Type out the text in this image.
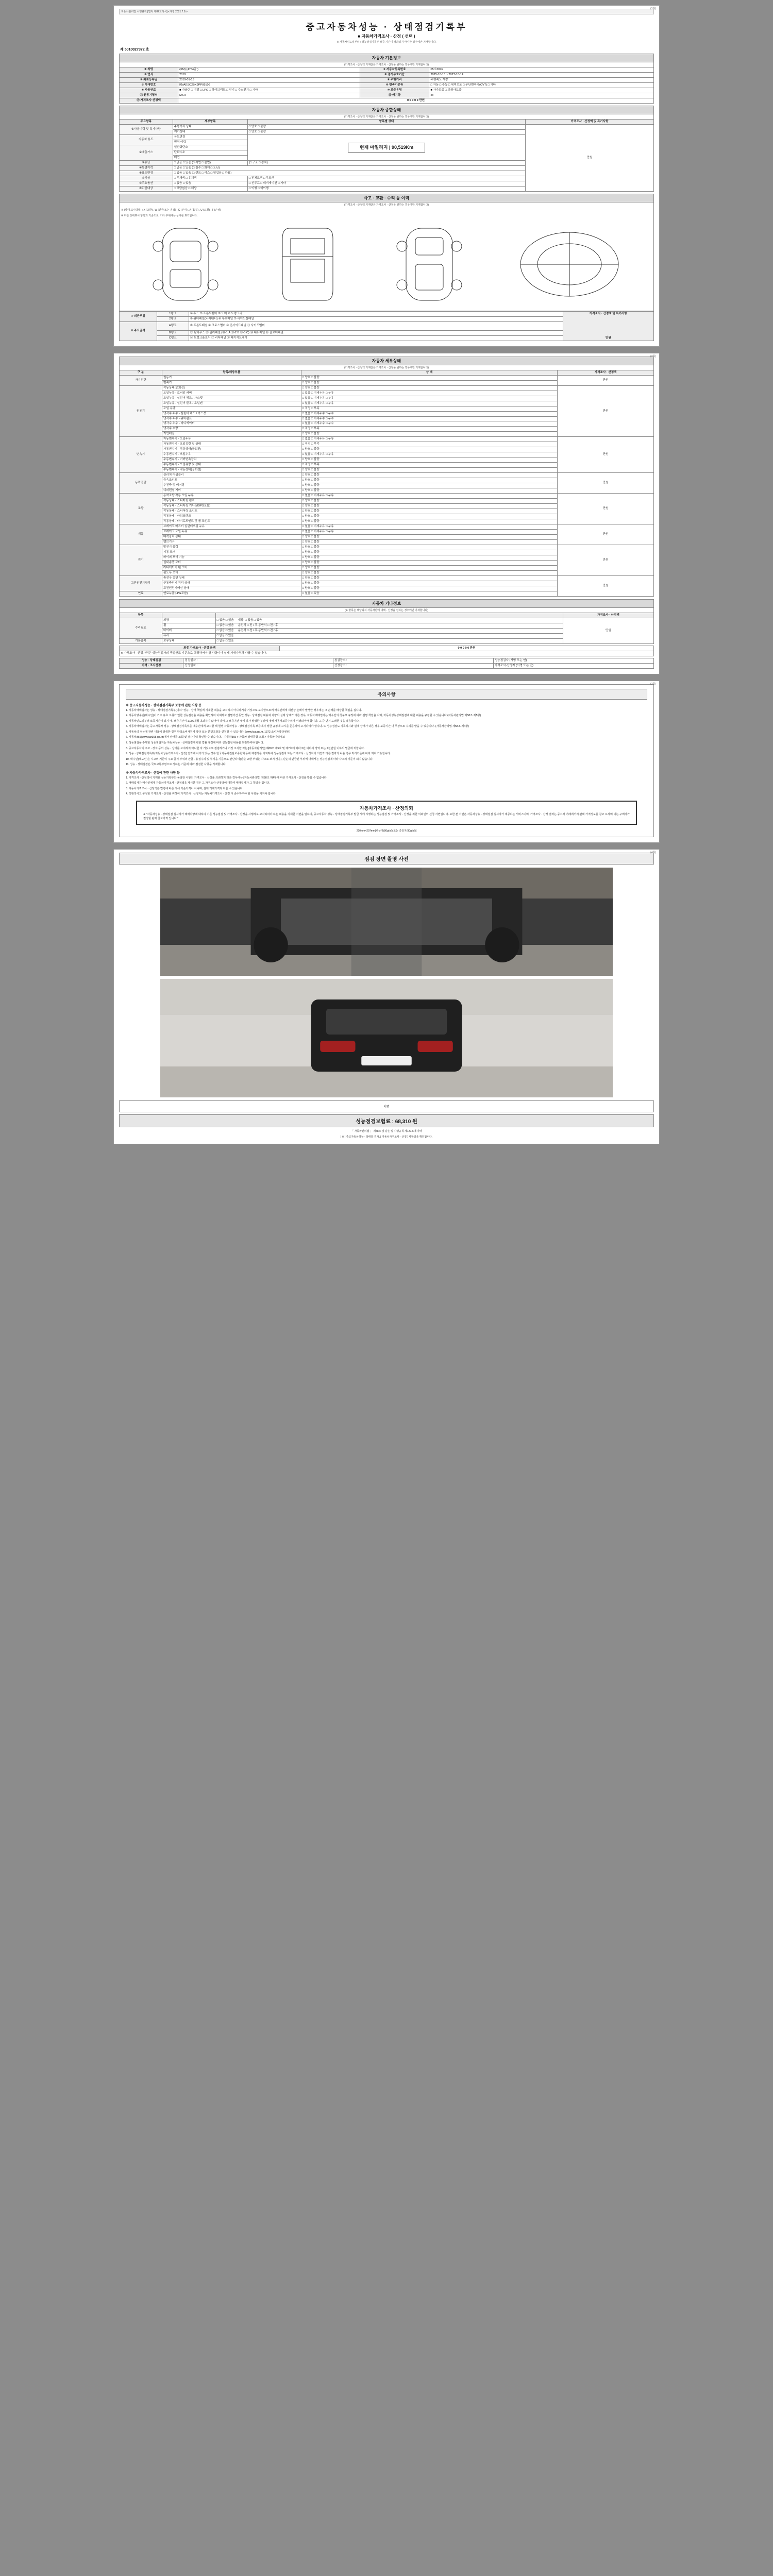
(1쪽)
자동차관리법 시행규칙 [별지 제82호서식] <개정 2021.7.8.>
중고자동차성능 · 상태점검기록부
■ 자동차가격조사 · 산정 ( 선택 )
※ 자동차인도일부터 : 성능점검기록부 보증 기간이 경과되지 아니한 경우에만 기재합니다.
제 5010027372 호
자동차 기본정보
(가격조사 · 산정액 기재란은 가격조사 · 산정을 원하는 경우에만 기재합니다)
① 차명	(XM) (4754급 )	② 자동차등록번호	05소307R
③ 연식	2019	④ 검사유효기간	2025-10-15 ~ 2027-10-14
⑤ 최초등록일	2019-01-15	⑥ 주행거리	주행속도 계량
⑦ 차대번호	KNAESC2BX9PP09106	⑧ 변속기종류	□ 자동 □ 수동 □ 세미오토 □ 무단변속기(CVT) □ 기타
⑨ 사용연료	■ 가솔린 □ 디젤 □ LPG □ 하이브리드 □ 전기 □ 수소전기 □ 기타	⑩ 보증유형	■ 자가보증 □ 보험사보증
⑪ 원동기형식	MSR	⑫ 배기량	cc
⑬ 가격조사·산정액	0 0 0 0 0 만원		
자동차 종합상태
(가격조사 · 산정액 기재란은 가격조사 · 산정을 원하는 경우에만 기재합니다)
주요항목	세부항목	항목별 상태	가격조사 · 산정액 및 특기사항
①사용이력 및 특기사항	주행거리 상태	□ 양호 □ 불량	만원
	계기상태	□ 양호 □ 불량	
자동차 용도	용도변경	현재 마일리지 | 90,519Km	
	변경 이력		
②배출가스	일산화탄소		
	탄화수소		
	매연		
③튜닝	□ 없음 □ 있음 (□ 적법 □ 불법)	(□ 구조 □ 장치)	
④특별이력	□ 없음 □ 있음 (□ 침수 □ 화재 □ 도난)		
⑤용도변경	□ 없음 □ 있음 (□ 렌트 □ 리스 □ 영업용 □ 관용)		
⑥색상	□ 무채색 □ 유채색	□ 전체도색 □ 무도색	
⑦주요옵션	□ 없음 □ 있음	□ 선루프 □ 네비게이션 □ 기타	
⑧리콜대상	□ 해당없음 □ 해당	□ 이행 □ 미이행	
사고 · 교환 · 수리 등 이력
(가격조사 · 산정액 기재란은 가격조사 · 산정을 원하는 경우에만 기재합니다)
※ (상태 표시방법) : X (교환) , W (판금 또는 용접) , C (부식) , A (흠집) , U (요철) , T (손상)
※ 하단 상태표시 항목과 기준으로, 기타 부위에는 상태를 표기합니다.
① 외판부위	1랭크	① 후드 ② 프론트팬더 ③ 도어 ④ 트렁크리드	가격조사 · 산정액 및 특기사항
만원

	2랭크	⑤ 쿼터패널(리어팬더) ⑥ 루프패널 ⑦ 사이드실패널	
② 주요골격	A랭크	⑧ 프론트패널 ⑨ 크로스멤버 ⑩ 인사이드패널 ⑪ 사이드멤버	
	B랭크	⑫ 휠하우스 ⑬ 필러패널 (⑬-1 A ⑬-2 B ⑬-3 C) ⑭ 대쉬패널 ⑮ 플로어패널	
	C랭크	⑯ 트렁크플로어 ⑰ 리어패널 ⑱ 패키지트레이	
(2쪽)
자동차 세부상태
(가격조사 · 산정액 기재란은 가격조사 · 산정을 원하는 경우에만 기재합니다)
구 분	항목/해당부품	상 태	가격조사 · 산정액
자기진단	원동기	□ 양호 □ 불량	만원
	변속기	□ 양호 □ 불량	
원동기	작동상태(공회전)	□ 양호 □ 불량	만원
	오일누유 - 로커암 커버	□ 없음 □ 미세누유 □ 누유	
	오일누유 - 실린더 헤드 / 가스켓	□ 없음 □ 미세누유 □ 누유	
	오일누유 - 실린더 블록 / 오일팬	□ 없음 □ 미세누유 □ 누유	
	오일 유량	□ 적정 □ 부족	
	냉각수 누수 - 실린더 헤드 / 가스켓	□ 없음 □ 미세누수 □ 누수	
	냉각수 누수 - 워터펌프	□ 없음 □ 미세누수 □ 누수	
	냉각수 누수 - 라디에이터	□ 없음 □ 미세누수 □ 누수	
	냉각수 수량	□ 적정 □ 부족	
	커먼레일	□ 양호 □ 불량	
변속기	자동변속기 - 오일누유	□ 없음 □ 미세누유 □ 누유	만원
	자동변속기 - 오일유량 및 상태	□ 적정 □ 부족	
	자동변속기 - 작동상태(공회전)	□ 양호 □ 불량	
	수동변속기 - 오일누유	□ 없음 □ 미세누유 □ 누유	
	수동변속기 - 기어변속장치	□ 양호 □ 불량	
	수동변속기 - 오일유량 및 상태	□ 적정 □ 부족	
	수동변속기 - 작동상태(공회전)	□ 양호 □ 불량	
동력전달	클러치 어셈블리	□ 양호 □ 불량	만원
	등속조인트	□ 양호 □ 불량	
	추진축 및 베어링	□ 양호 □ 불량	
	디퍼렌셜 기어	□ 양호 □ 불량	
조향	동력조향 작동 오일 누유	□ 없음 □ 미세누유 □ 누유	만원
	작동상태 - 스티어링 펌프	□ 양호 □ 불량	
	작동상태 - 스티어링 기어(MDPS포함)	□ 양호 □ 불량	
	작동상태 - 스티어링 조인트	□ 양호 □ 불량	
	작동상태 - 파워크랭크	□ 양호 □ 불량	
	작동상태 - 타이로드엔드 및 볼 조인트	□ 양호 □ 불량	
제동	브레이크 마스터 실린더오일 누유	□ 없음 □ 미세누유 □ 누유	만원
	브레이크 오일 누유	□ 없음 □ 미세누유 □ 누유	
	배력장치 상태	□ 양호 □ 불량	
	밸브기구	□ 양호 □ 불량	
전기	발전기 출력	□ 양호 □ 불량	만원
	시동 모터	□ 양호 □ 불량	
	와이퍼 모터 기능	□ 양호 □ 불량	
	실내송풍 모터	□ 양호 □ 불량	
	라디에이터 팬 모터	□ 양호 □ 불량	
	윈도우 모터	□ 양호 □ 불량	
고전원전기장치	충전구 절연 상태	□ 양호 □ 불량	만원
	구동축전지 격리 상태	□ 양호 □ 불량	
	고전원전기배선 상태	□ 양호 □ 불량	
연료	연료누출(LPG포함)	□ 없음 □ 있음	
자동차 기타정보
(※ 항목은 해당되지 자동차만에 대해 · 산정을 원하는 경우에만 기재합니다)
항목			가격조사 · 산정액
수리필요	외장	□ 없음 □ 있음 내장 □ 없음 □ 있음	만원
	휠	□ 없음 □ 있음 운전석 □ 전 / 후 동반석 □ 전 / 후	
	타이어	□ 없음 □ 있음 운전석 □ 전 / 후 동반석 □ 전 / 후	
	유리	□ 없음 □ 있음	
기본품목	보유상태	□ 없음 □ 있음	
최종 가격조사 · 산정 금액	0 0 0 0 0 만원
※ 가격조사 · 산정가격은 성능점검자의 책임한도 기준으로 고려하여야 할 사항이며 실제 거래가격과 다를 수 있습니다.
성능 · 상태점검	점검일자 :	점검장소 :	성능점검자 (서명 또는 인)
가격 · 조사산정	산정일자 :	산정장소 :	가격조사·산정자 (서명 또는 인)
(3쪽)
유의사항
※ 중고자동차성능 · 상태점검기록부 보증에 관한 사항 등
1. 자동차매매업자는 성능 · 상태점검기록부(이하 "성능 · 상태 책임에 기재한 내용을 고지하지 아니하거나 거짓으로 고지함으로써 매수인에게 재산상 손해가 발생한 경우에는 그 손해를 배상할 책임을 집니다.
2. 자동차양수인(매수인)이 거주 유효 고취가 인한 성능점검을 내용을 확인하여 이해하고 설명기간 동안 성능 · 상태점검 내용과 차량의 실제 상태가 다른 경우, 자동차매매업자는 매수인의 청구로 규정에 따라 설명 책임을 지며, 자동차성능상태점검에 대한 내용을 규정할 수 있습니다.(자동차관리법 제58조 제5항)
3. 자동차인도일부터 보증기간이 되기 때, 보증기간이 1,000개월 초과하지 않아야 하며 그 보증기간 내에 하자 발생한 부위에 대해 자동차보증수리가 이행되어야 합니다. 그 중 먼저 도래한 것을 적용합니다.
4. 자동차매매업자는 중고자동차 성능 · 상태점검기록부를 매수인에게 고지할 때 현행 자동차성능 · 상태점검기록 보증에서 정한 규정에 고시를 준용하여 고지하여야 합니다. 또 성능점검도 기록하시와 실제 상태가 다른 경우 보증기간 내 무상으로 수리를 받을 수 있습니다. (자동차관리법 제58조 제4항)
5. 자동차의 성능에 관련 내용이 발생한 경우 한국소비자원에 상담 또는 분쟁조정을 신청할 수 있습니다. (www.kca.go.kr, 1372 소비자상담센터)
6. 자동차365(www.car365.go.kr)에서 상태를 조회 및 검사이력 확인할 수 있습니다. - 자동차365 > 자동차 상태종합 조회 > 자동차이력정보
7. 성능점검을 수행한 성능점검자는 자동차성능 · 상태점검에 관한 법률 규정에 따라 성능점검 내용을 보관하여야 합니다.
8. 중고자동차의 구조 · 장치 등의 성능 · 상태를 고지하지 아니한 자 거짓으로 점검하거나 거짓 고지한 자는 [자동차관리법] 제80조 제5호 및 제7호에 따라 2년 이하의 징역 또는 2천만원 이하의 벌금에 처합니다.
9. 성능 · 상태점검기록부(자동차성능가격조사 · 산정) 결과에 이의가 있는 경우 한국자동차진단보증협회 등에 재검사를 의뢰하여 성능점검자 또는 가격조사 · 산정자의 의견과 다른 결과가 나올 경우 처리기준에 따라 처리 가능합니다.
10. 매수인(매도인)은 시고의 기준이 주요 골격 부위의 판금 · 용접수리 및 부식을 기준으로 판단하며(단순 교환 부위는 사고로 보지 않음), 단순히 판금된 부위에 대해서는 성능점검에 따라 사고의 기준이 되지 않습니다.
11. 성능 · 상태점검은 국토교통부령으로 정하는 기준에 따라 점검한 사항을 기재합니다.
※ 자동차가격조사 · 산정에 관한 사항 등
1. 가격조사 · 산정액이 기재된 성능기록부와 동일한 사항의 가격조사 · 산정을 의뢰하지 않은 경우에는 [자동차관리법] 제58조 제4항에 따른 가격조사 · 산정을 받을 수 없습니다.
2. 매매업자가 매수인에게 자동차가격조사 · 산정액을 제시한 경우 그 가격조사 산정액에 대하여 매매업자가 그 책임을 집니다.
3. 자동차가격조사 · 산정액은 법령에 따른 시세 기준가격이 아니며, 실제 거래가격과 다를 수 있습니다.
4. 객관적이고 공정한 가격조사 · 산정을 위하여 가격조사 · 산정자는 자동차가격조사 · 산정 시 준수하여야 할 사항을 지켜야 합니다.
자동차가격조사 · 산정의뢰
※ "자동차성능 · 상태점검 실시자가 매매차량에 대하여 기존 성능점검 및 가격조사 · 산정을 시행하고 고지하여야 하는 내용을 기재한 서면을 말하며, 중고자동차 성능 · 상태점검기록부 발급 시에 시행하는 성능점검 및 가격조사 · 산정을 위한 의뢰인의 신청 서면입니다. 또한 본 서면은 자동차성능 · 상태점검 실시자가 제공하는 서비스이며, 가격조사 · 산정 결과는 중고차 거래에서의 판매 가격정보를 참고 요하며 이는 구매자가 결정할 판매 참고가격 입니다."
210mm×297mm[백상지(80g/㎡) 또는 중질지(80g/㎡)]
(4쪽)
점검 장면 촬영 사진
서명
성능점검보험료 : 68,310 원
「 자동차관리법 」 제58조 및 같은 법 시행규칙 제120조에 따라
[ ※ ] 중고자동차성능 · 상태를 검사, [ 자동차가격조사 · 산정 ] 사항임을 확인합니다.
